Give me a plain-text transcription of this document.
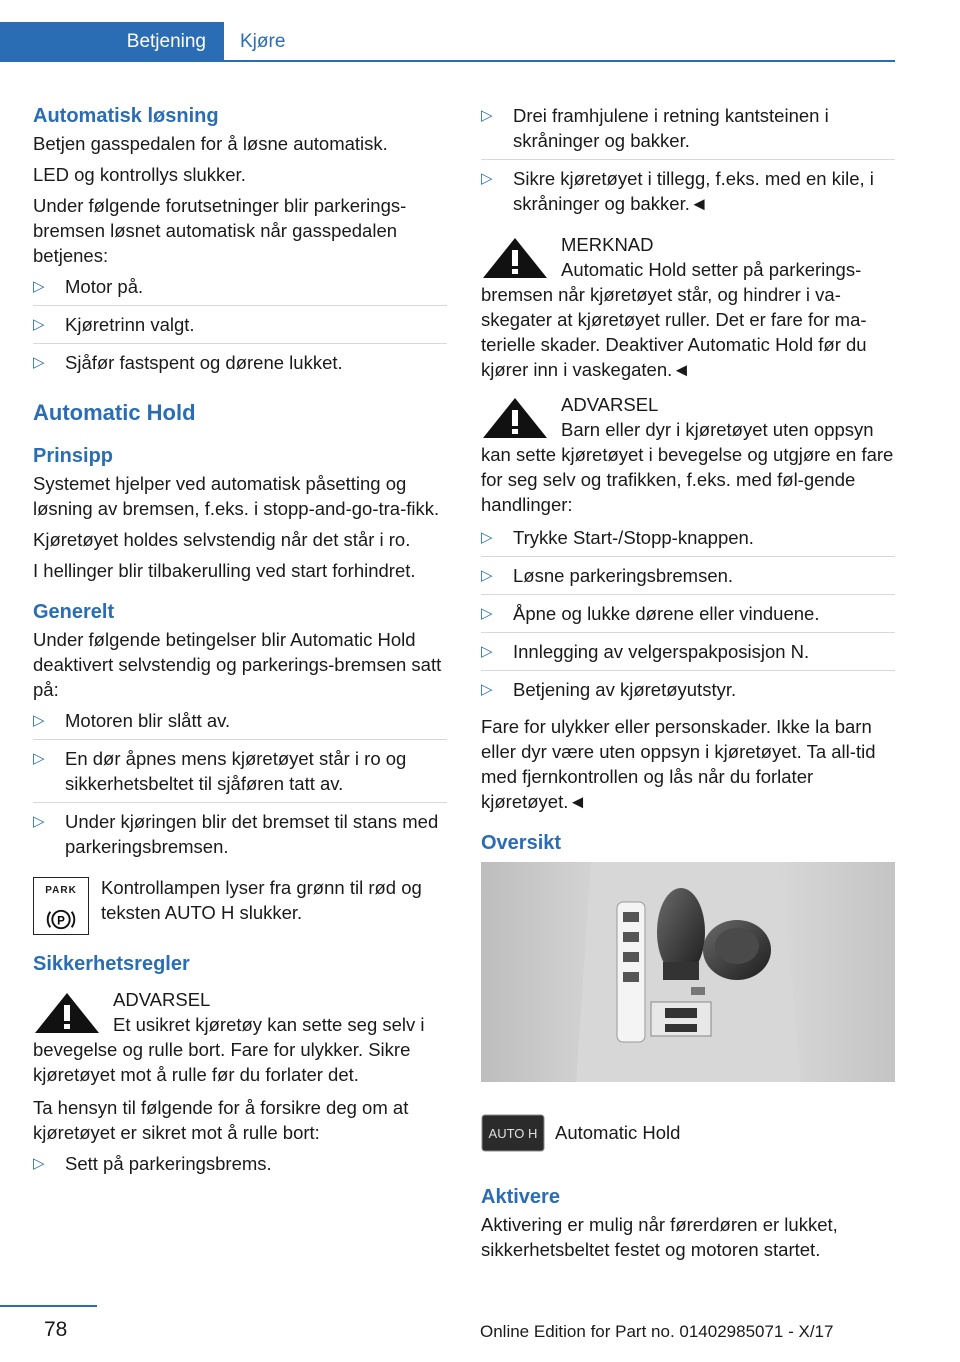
Betjening Kjøre
Automatisk løsning

Betjen gasspedalen for å løsne automatisk.

LED og kontrollys slukker.

Under følgende forutsetninger blir parkerings-bremsen løsnet automatisk når gasspedalen betjenes:

▷ Motor på.
▷ Kjøretrinn valgt.
▷ Sjåfør fastspent og dørene lukket.
Automatic Hold
Prinsipp

Systemet hjelper ved automatisk påsetting og løsning av bremsen, f.eks. i stopp-and-go-tra-fikk.

Kjøretøyet holdes selvstendig når det står i ro.

I hellinger blir tilbakerulling ved start forhindret.

Generelt

Under følgende betingelser blir Automatic Hold deaktivert selvstendig og parkerings-bremsen satt på:

▷ Motoren blir slått av.
▷ En dør åpnes mens kjøretøyet står i ro og sikkerhetsbeltet til sjåføren tatt av.
▷ Under kjøringen blir det bremset til stans med parkeringsbremsen.
PARK
P
Kontrollampen lyser fra grønn til rød og teksten AUTO H slukker.
Sikkerhetsregler
ADVARSEL
Et usikret kjøretøy kan sette seg selv i bevegelse og rulle bort. Fare for ulykker. Sikre kjøretøyet mot å rulle før du forlater det.

Ta hensyn til følgende for å forsikre deg om at kjøretøyet er sikret mot å rulle bort:

▷ Sett på parkeringsbrems.
▷ Drei framhjulene i retning kantsteinen i skråninger og bakker.
▷ Sikre kjøretøyet i tillegg, f.eks. med en kile, i skråninger og bakker.◄
MERKNAD
Automatic Hold setter på parkerings-bremsen når kjøretøyet står, og hindrer i va-skegater at kjøretøyet ruller. Det er fare for ma-terielle skader. Deaktiver Automatic Hold før du kjører inn i vaskegaten.◄
ADVARSEL
Barn eller dyr i kjøretøyet uten oppsyn kan sette kjøretøyet i bevegelse og utgjøre en fare for seg selv og trafikken, f.eks. med føl-gende handlinger:
▷ Trykke Start-/Stopp-knappen.
▷ Løsne parkeringsbremsen.
▷ Åpne og lukke dørene eller vinduene.
▷ Innlegging av velgerspakposisjon N.
▷ Betjening av kjøretøyutstyr.

Fare for ulykker eller personskader. Ikke la barn eller dyr være uten oppsyn i kjøretøyet. Ta all-tid med fjernkontrollen og lås når du forlater kjøretøyet.◄

Oversikt
AUTO H Automatic Hold
Aktivere

Aktivering er mulig når førerdøren er lukket, sikkerhetsbeltet festet og motoren startet.

78	Online Edition for Part no. 01402985071 - X/17
